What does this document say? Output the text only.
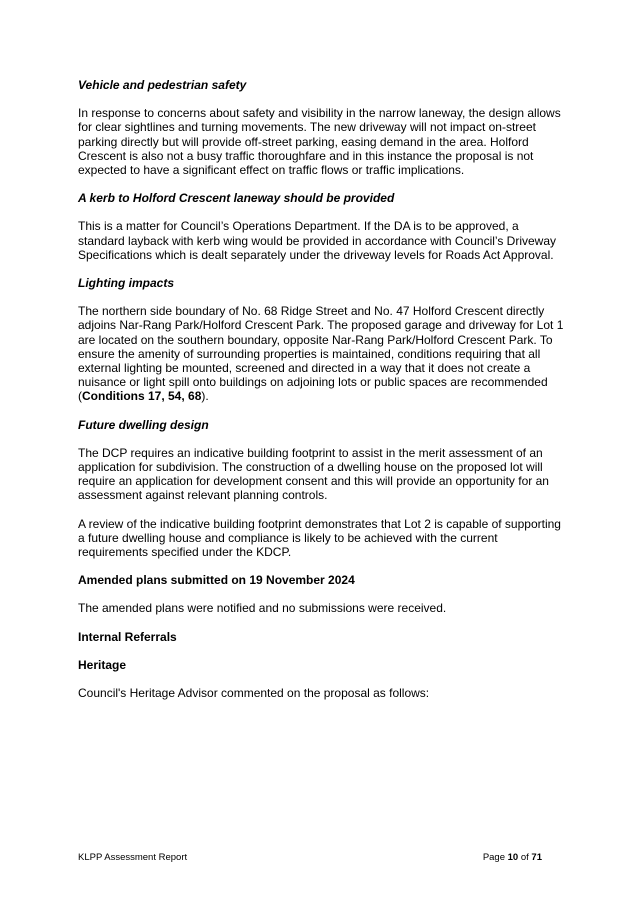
Vehicle and pedestrian safety

In response to concerns about safety and visibility in the narrow laneway, the design allows for clear sightlines and turning movements. The new driveway will not impact on-street parking directly but will provide off-street parking, easing demand in the area. Holford Crescent is also not a busy traffic thoroughfare and in this instance the proposal is not expected to have a significant effect on traffic flows or traffic implications.

A kerb to Holford Crescent laneway should be provided

This is a matter for Council’s Operations Department. If the DA is to be approved, a standard layback with kerb wing would be provided in accordance with Council’s Driveway Specifications which is dealt separately under the driveway levels for Roads Act Approval.

Lighting impacts

The northern side boundary of No. 68 Ridge Street and No. 47 Holford Crescent directly adjoins Nar-Rang Park/Holford Crescent Park. The proposed garage and driveway for Lot 1 are located on the southern boundary, opposite Nar-Rang Park/Holford Crescent Park. To ensure the amenity of surrounding properties is maintained, conditions requiring that all external lighting be mounted, screened and directed in a way that it does not create a nuisance or light spill onto buildings on adjoining lots or public spaces are recommended (Conditions 17, 54, 68).

Future dwelling design

The DCP requires an indicative building footprint to assist in the merit assessment of an application for subdivision. The construction of a dwelling house on the proposed lot will require an application for development consent and this will provide an opportunity for an assessment against relevant planning controls.

A review of the indicative building footprint demonstrates that Lot 2 is capable of supporting a future dwelling house and compliance is likely to be achieved with the current requirements specified under the KDCP.

Amended plans submitted on 19 November 2024

The amended plans were notified and no submissions were received.

Internal Referrals
Heritage

Council's Heritage Advisor commented on the proposal as follows:

KLPP Assessment Report	Page 10 of 71
